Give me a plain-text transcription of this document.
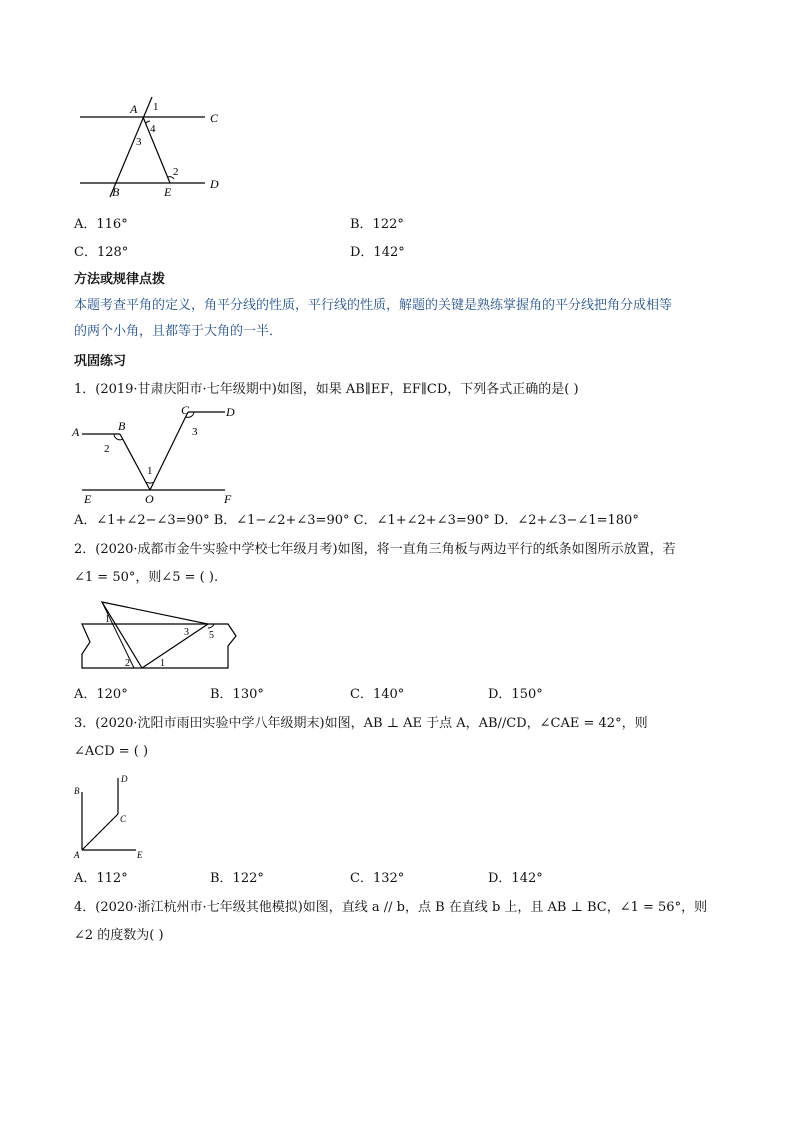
A 1
4
3
C
2
B	E
D
A．116°	B．122°
C．128°	D．142°
方法或规律点拨
本题考查平角的定义，角平分线的性质，平行线的性质，解题的关键是熟练掌握角的平分线把角分成相等
的两个小角，且都等于大角的一半．
巩固练习
1．(2019·甘肃庆阳市·七年级期中)如图，如果 AB∥EF，EF∥CD，下列各式正确的是( )
A	B
2
C	D
3
1
E	O	F
A．∠1+∠2−∠3=90° B．∠1−∠2+∠3=90° C．∠1+∠2+∠3=90° D．∠2+∠3−∠1=180°
2．(2020·成都市金牛实验中学校七年级月考)如图，将一直角三角板与两边平行的纸条如图所示放置，若
∠1 = 50°，则∠5 = ( ).
1
3 5
2	1
A．120°	B．130°	C．140°	D．150°
3．(2020·沈阳市雨田实验中学八年级期末)如图，AB ⊥ AE 于点 A，AB//CD，∠CAE = 42°，则
∠ACD = ( )
B
D
C
A	E
A．112°	B．122°	C．132°	D．142°
4．(2020·浙江杭州市·七年级其他模拟)如图，直线 a // b，点 B 在直线 b 上，且 AB ⊥ BC，∠1 = 56°，则
∠2 的度数为( )
